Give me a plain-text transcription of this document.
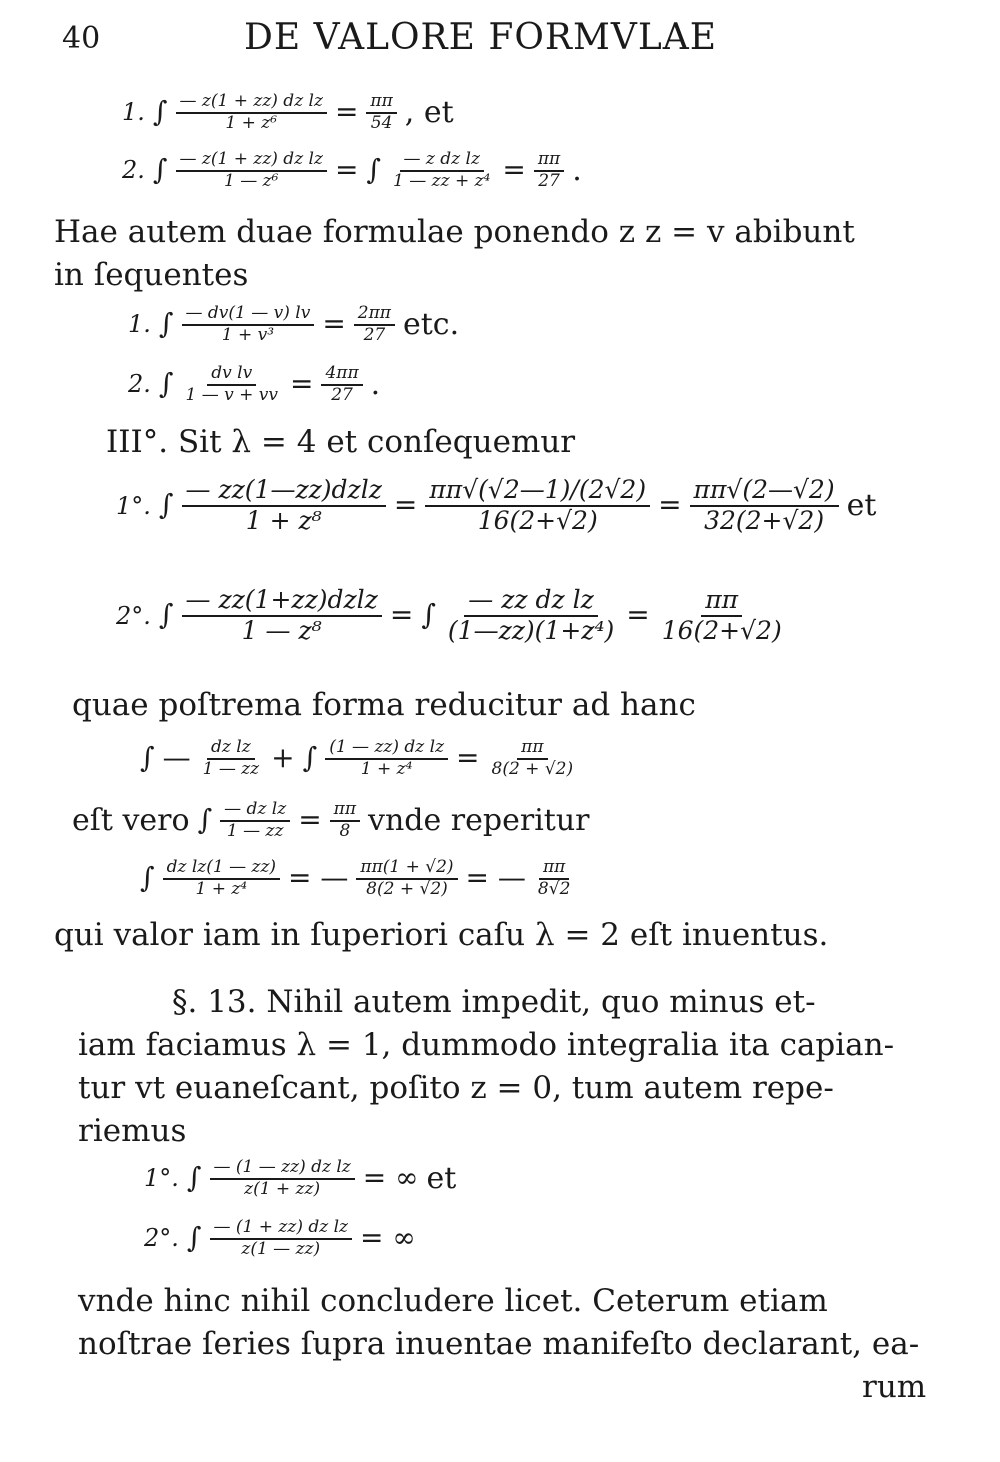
40	DE VALORE FORMVLAE
1. ∫ $\frac{\text{— z(1 + zz) dz lz}}{\text{1 + z⁶}} = \frac{\pi\pi}{54}$ , et
2. ∫ $\frac{\text{— z(1 + zz) dz lz}}{\text{1 — z⁶}}$ = ∫ $\frac{\text{— z dz lz}}{\text{1 — zz + z⁴}} = \frac{\pi\pi}{27}$ .
Hae autem duae formulae ponendo z z = v abibunt
in ſequentes
1. ∫ $\frac{— dv(1 — v) lv}{\text{1 + v³}} = \frac{2\pi\pi}{27}$ etc.
2. ∫ $\frac{\text{dv lv}}{1 — v + vv} = \frac{4\pi\pi}{27}$ .
III°. Sit λ = 4 et conſequemur
1°. ∫ $\frac{\text{— zz(1—zz)dzlz}}{\text{1 + z⁸}} = \frac{\pi\pi√(√2—1)/(2√2)}{16(2+√2)} = \frac{\pi\pi√(2—√2)}{32(2+√2)}$ et
2°. ∫ $\frac{\text{— zz(1+zz)dzlz}}{\text{1 — z⁸}}$ = ∫ $\frac{\text{— zz dz lz}}{\text{(1—zz)(1+z⁴)}} = \frac{\pi\pi}{16(2+√2)}$
quae poſtrema forma reducitur ad hanc
∫ — $\frac{\text{dz lz}}{1 — zz}$ + ∫ $\frac{\text{(1 — zz) dz lz}}{\text{1 + z⁴}} = \frac{\pi\pi}{8(2 + √2)}$
eſt vero ∫ $\frac{\text{— dz lz}}{1 — zz} = \frac{\pi\pi}{8}$ vnde reperitur
∫ $\frac{\text{dz lz(1 — zz)}}{\text{1 + z⁴}}$ = — $\frac{\pi\pi(1 + √2)}{8(2 + √2)}$ = — $\frac{\pi\pi}{8√2}$
qui valor iam in ſuperiori caſu λ = 2 eſt inuentus.
§. 13. Nihil autem impedit, quo minus et-
iam faciamus λ = 1, dummodo integralia ita capian-
tur vt euaneſcant, poſito z = 0, tum autem repe-
riemus
1°. ∫ $\frac{\text{— (1 — zz) dz lz}}{z(1 + zz)}$ = ∞ et
2°. ∫ $\frac{\text{— (1 + zz) dz lz}}{z(1 — zz)}$ = ∞
vnde hinc nihil concludere licet. Ceterum etiam
noſtrae ſeries ſupra inuentae manifeſto declarant, ea-
rum
